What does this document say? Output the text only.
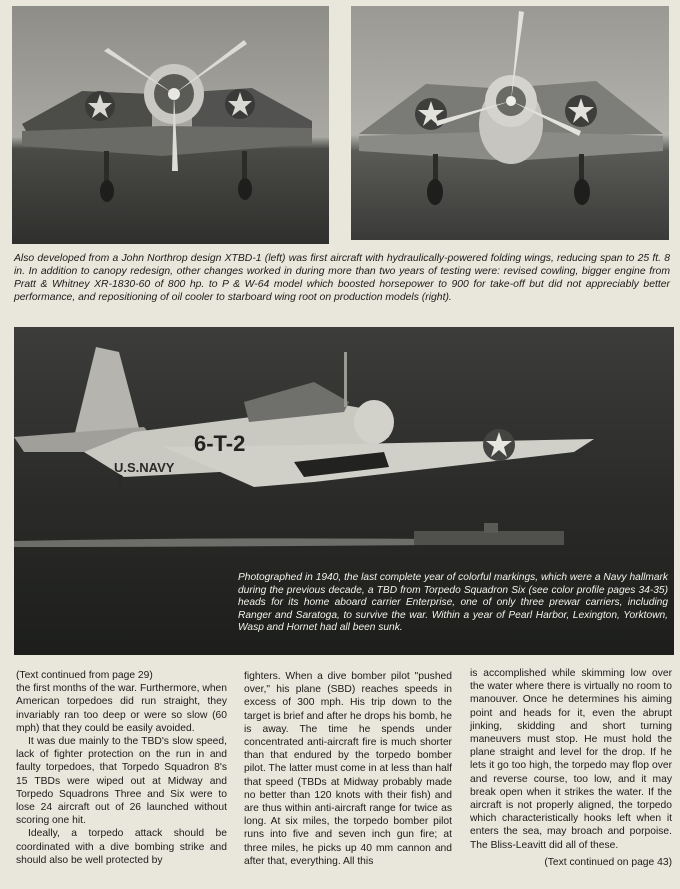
Also developed from a John Northrop design XTBD-1 (left) was first aircraft with hydraulically-powered folding wings, reducing span to 25 ft. 8 in. In addition to canopy redesign, other changes worked in during more than two years of testing were: revised cowling, bigger engine from Pratt & Whitney XR-1830-60 of 800 hp. to P & W-64 model which boosted horsepower to 900 for take-off but did not appreciably better performance, and repositioning of oil cooler to starboard wing root on production models (right).
U.S.NAVY
6-T-2
2
Photographed in 1940, the last complete year of colorful markings, which were a Navy hallmark during the previous decade, a TBD from Torpedo Squadron Six (see color profile pages 34-35) heads for its home aboard carrier Enterprise, one of only three prewar carriers, including Ranger and Saratoga, to survive the war. Within a year of Pearl Harbor, Lexington, Yorktown, Wasp and Hornet had all been sunk.

(Text continued from page 29)

the first months of the war. Furthermore, when American torpedoes did run straight, they invariably ran too deep or were so slow (60 mph) that they could be easily avoided.

It was due mainly to the TBD's slow speed, lack of fighter protection on the run in and faulty torpedoes, that Torpedo Squadron 8's 15 TBDs were wiped out at Midway and Torpedo Squadrons Three and Six were to lose 24 aircraft out of 26 launched without scoring one hit.

Ideally, a torpedo attack should be coordinated with a dive bombing strike and should also be well protected by

fighters. When a dive bomber pilot "pushed over," his plane (SBD) reaches speeds in excess of 300 mph. His trip down to the target is brief and after he drops his bomb, he is away. The time he spends under concentrated anti-aircraft fire is much shorter than that endured by the torpedo bomber pilot. The latter must come in at less than half that speed (TBDs at Midway probably made no better than 120 knots with their fish) and are thus within anti-aircraft range for twice as long. At six miles, the torpedo bomber pilot runs into five and seven inch gun fire; at three miles, he picks up 40 mm cannon and after that, everything. All this

is accomplished while skimming low over the water where there is virtually no room to manouver. Once he determines his aiming point and heads for it, even the abrupt jinking, skidding and short turning maneuvers must stop. He must hold the plane straight and level for the drop. If he lets it go too high, the torpedo may flop over and reverse course, too low, and it may break open when it strikes the water. If the aircraft is not properly aligned, the torpedo which characteristically hooks left when it enters the sea, may broach and porpoise. The Bliss-Leavitt did all of these.

(Text continued on page 43)
